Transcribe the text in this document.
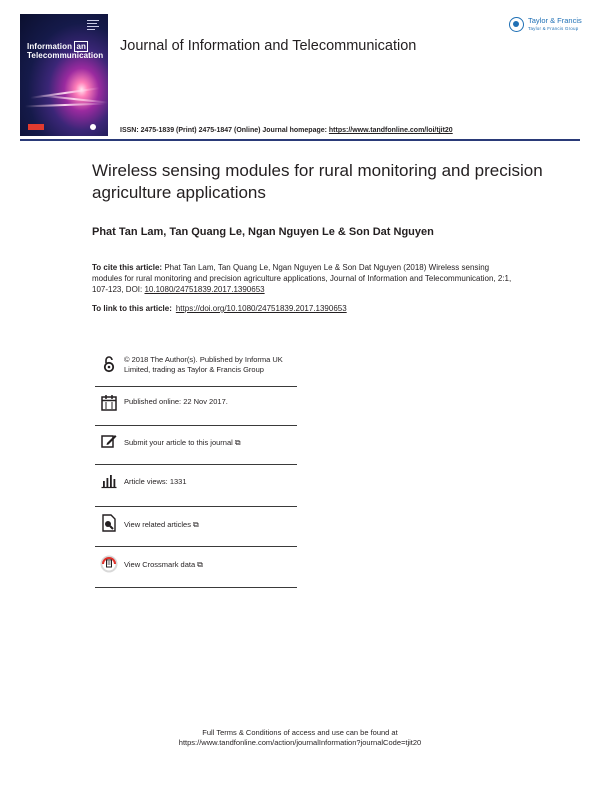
Information an
Telecommunication
Journal of Information and Telecommunication
Taylor & Francis
Taylor & Francis Group
ISSN: 2475-1839 (Print) 2475-1847 (Online) Journal homepage: https://www.tandfonline.com/loi/tjit20
Wireless sensing modules for rural monitoring and precision agriculture applications
Phat Tan Lam, Tan Quang Le, Ngan Nguyen Le & Son Dat Nguyen
To cite this article: Phat Tan Lam, Tan Quang Le, Ngan Nguyen Le & Son Dat Nguyen (2018) Wireless sensing modules for rural monitoring and precision agriculture applications, Journal of Information and Telecommunication, 2:1, 107-123, DOI: 10.1080/24751839.2017.1390653
To link to this article: https://doi.org/10.1080/24751839.2017.1390653
© 2018 The Author(s). Published by Informa UK Limited, trading as Taylor & Francis Group
Published online: 22 Nov 2017.
Submit your article to this journal ⧉
Article views: 1331
View related articles ⧉
View Crossmark data ⧉
Full Terms & Conditions of access and use can be found at
https://www.tandfonline.com/action/journalInformation?journalCode=tjit20
